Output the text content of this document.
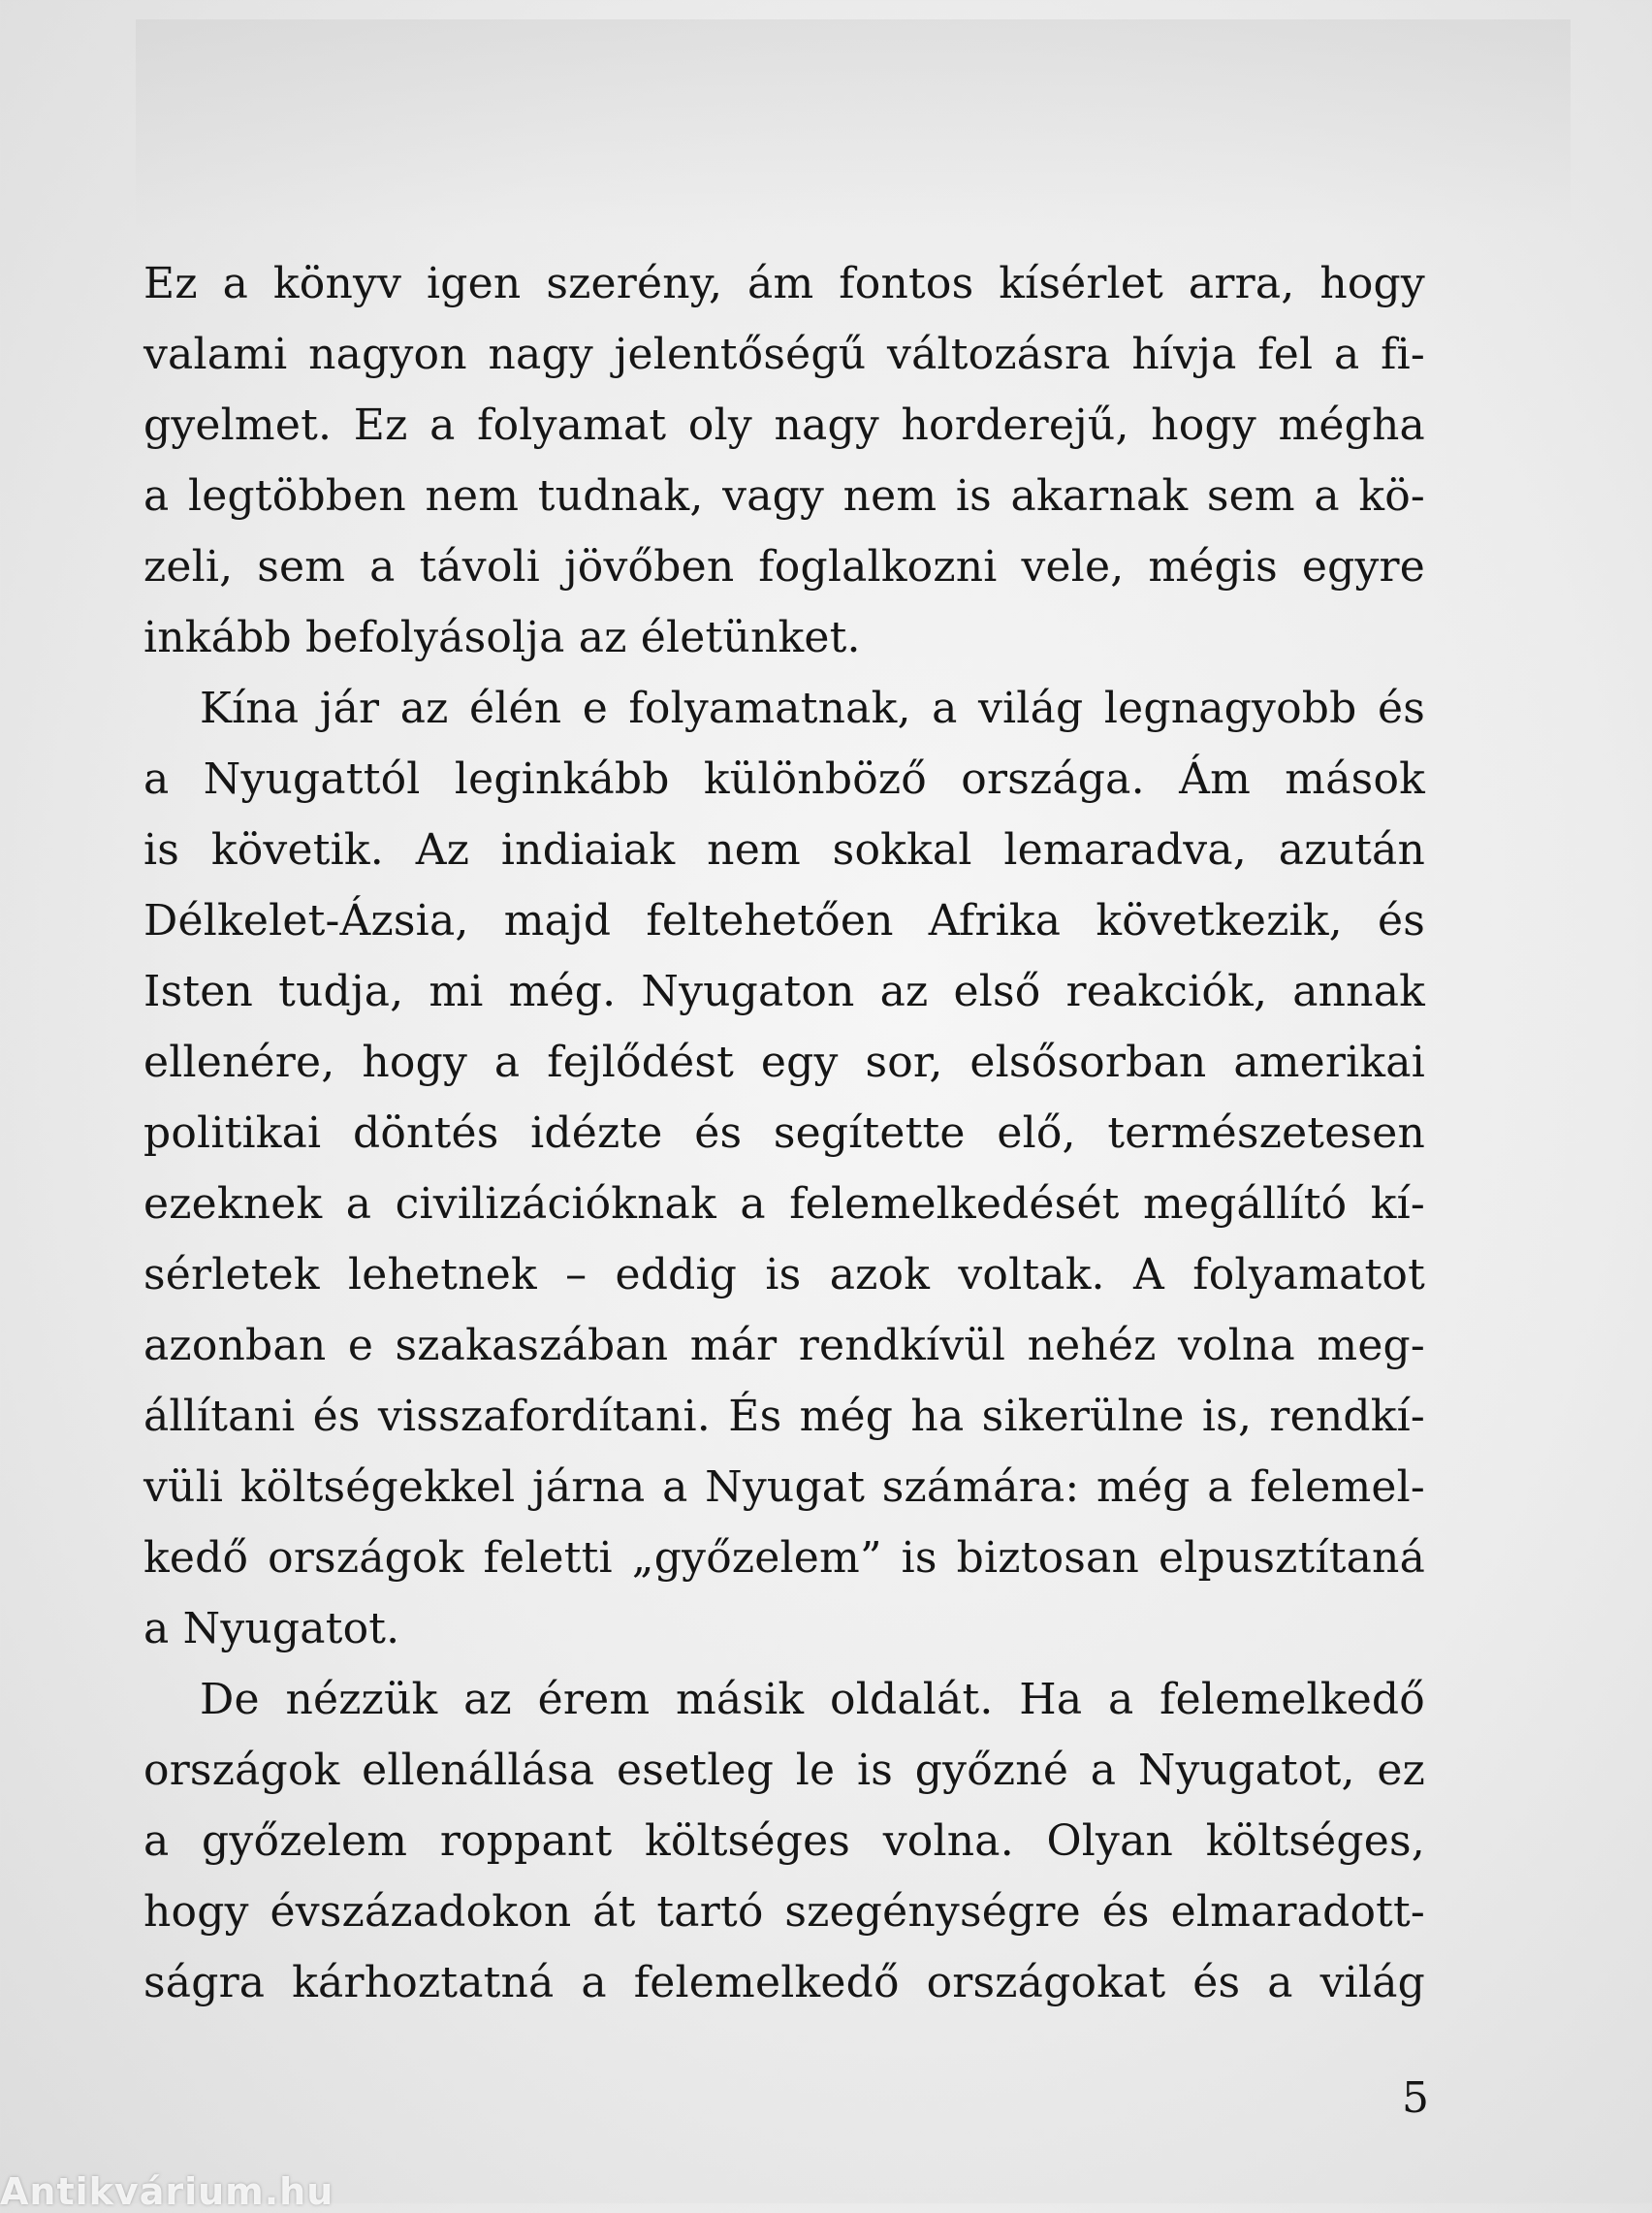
Ez a könyv igen szerény, ám fontos kísérlet arra, hogy
valami nagyon nagy jelentőségű változásra hívja fel a fi-
gyelmet. Ez a folyamat oly nagy horderejű, hogy mégha
a legtöbben nem tudnak, vagy nem is akarnak sem a kö-
zeli, sem a távoli jövőben foglalkozni vele, mégis egyre
inkább befolyásolja az életünket.
Kína jár az élén e folyamatnak, a világ legnagyobb és
a Nyugattól leginkább különböző országa. Ám mások
is követik. Az indiaiak nem sokkal lemaradva, azután
Délkelet-Ázsia, majd feltehetően Afrika következik, és
Isten tudja, mi még. Nyugaton az első reakciók, annak
ellenére, hogy a fejlődést egy sor, elsősorban amerikai
politikai döntés idézte és segítette elő, természetesen
ezeknek a civilizációknak a felemelkedését megállító kí-
sérletek lehetnek – eddig is azok voltak. A folyamatot
azonban e szakaszában már rendkívül nehéz volna meg-
állítani és visszafordítani. És még ha sikerülne is, rendkí-
vüli költségekkel járna a Nyugat számára: még a felemel-
kedő országok feletti „győzelem” is biztosan elpusztítaná
a Nyugatot.
De nézzük az érem másik oldalát. Ha a felemelkedő
országok ellenállása esetleg le is győzné a Nyugatot, ez
a győzelem roppant költséges volna. Olyan költséges,
hogy évszázadokon át tartó szegénységre és elmaradott-
ságra kárhoztatná a felemelkedő országokat és a világ
5
Antikvárium.hu
